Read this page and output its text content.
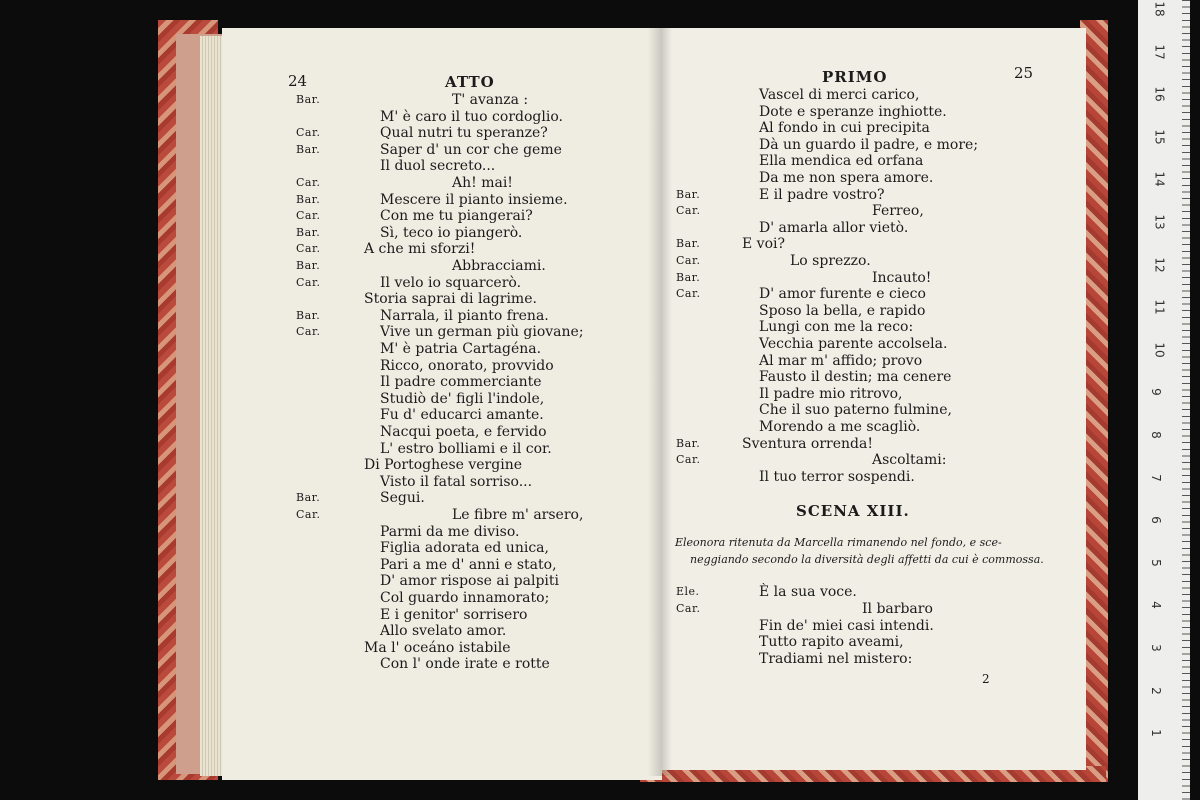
24	ATTO
Bar.	T' avanza :
M' è caro il tuo cordoglio.
Car.	Qual nutri tu speranze?
Bar.	Saper d' un cor che geme
Il duol secreto...
Car.	Ah! mai!
Bar.	Mescere il pianto insieme.
Car.	Con me tu piangerai?
Bar.	Sì, teco io piangerò.
Car.	A che mi sforzi!
Bar.	Abbracciami.
Car.	Il velo io squarcerò.
Storia saprai di lagrime.
Bar.	Narrala, il pianto frena.
Car.	Vive un german più giovane;
M' è patria Cartagéna.
Ricco, onorato, provvido
Il padre commerciante
Studiò de' figli l'indole,
Fu d' educarci amante.
Nacqui poeta, e fervido
L' estro bolliami e il cor.
Di Portoghese vergine
Visto il fatal sorriso...
Bar.	Segui.
Car.	Le fibre m' arsero,
Parmi da me diviso.
Figlia adorata ed unica,
Pari a me d' anni e stato,
D' amor rispose ai palpiti
Col guardo innamorato;
E i genitor' sorrisero
Allo svelato amor.
Ma l' oceáno istabile
Con l' onde irate e rotte
PRIMO	25
Vascel di merci carico,
Dote e speranze inghiotte.
Al fondo in cui precipita
Dà un guardo il padre, e more;
Ella mendica ed orfana
Da me non spera amore.
Bar.	E il padre vostro?
Car.	Ferreo,
D' amarla allor vietò.
Bar.	E voi?
Car.	Lo sprezzo.
Bar.	Incauto!
Car.	D' amor furente e cieco
Sposo la bella, e rapido
Lungi con me la reco:
Vecchia parente accolsela.
Al mar m' affido; provo
Fausto il destin; ma cenere
Il padre mio ritrovo,
Che il suo paterno fulmine,
Morendo a me scagliò.
Bar.	Sventura orrenda!
Car.	Ascoltami:
Il tuo terror sospendi.
SCENA XIII.
Eleonora ritenuta da Marcella rimanendo nel fondo, e sce-
neggiando secondo la diversità degli affetti da cui è commossa.
Ele.	È la sua voce.
Car.	Il barbaro
Fin de' miei casi intendi.
Tutto rapito aveami,
Tradiami nel mistero:
2
18
17
16
15
14
13
12
11
10
9
8
7
6
5
4
3
2
1
